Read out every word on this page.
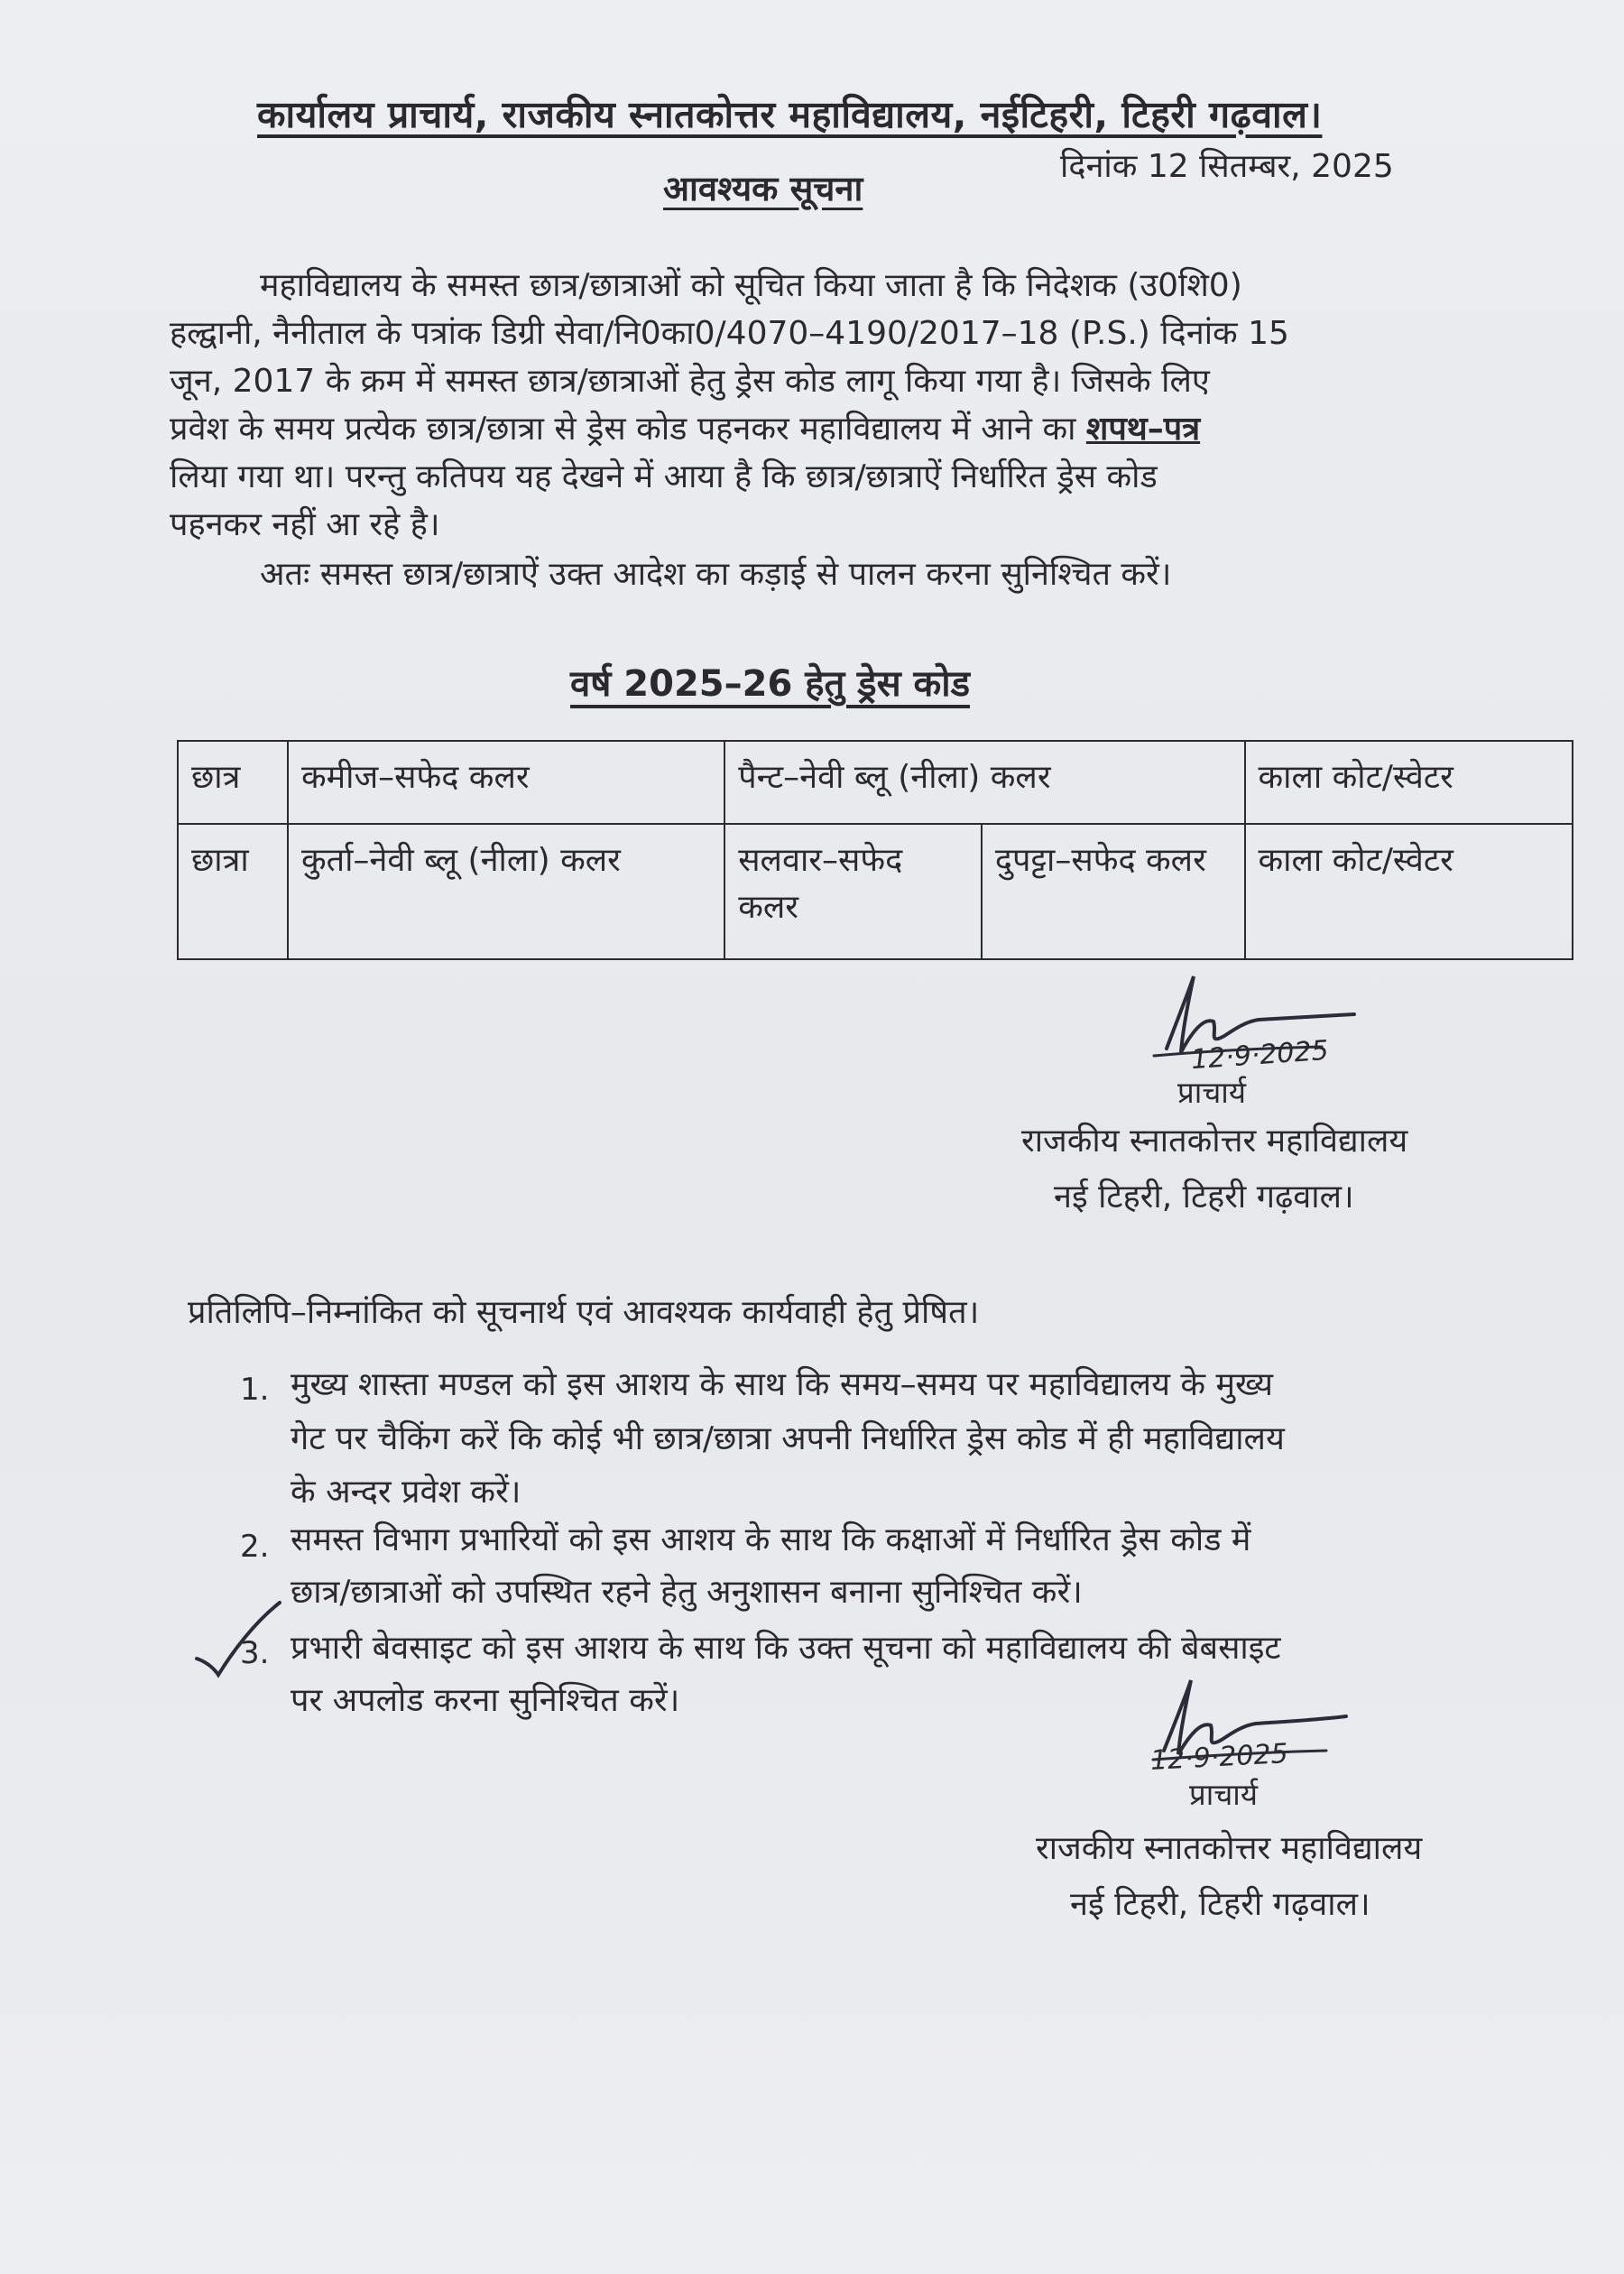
कार्यालय प्राचार्य, राजकीय स्नातकोत्तर महाविद्यालय, नईटिहरी, टिहरी गढ़वाल।
दिनांक 12 सितम्बर, 2025
आवश्यक सूचना
महाविद्यालय के समस्त छात्र/छात्राओं को सूचित किया जाता है कि निदेशक (उ0शि0)
हल्द्वानी, नैनीताल के पत्रांक डिग्री सेवा/नि0का0/4070–4190/2017–18 (P.S.) दिनांक 15
जून, 2017 के क्रम में समस्त छात्र/छात्राओं हेतु ड्रेस कोड लागू किया गया है। जिसके लिए
प्रवेश के समय प्रत्येक छात्र/छात्रा से ड्रेस कोड पहनकर महाविद्यालय में आने का शपथ–पत्र
लिया गया था। परन्तु कतिपय यह देखने में आया है कि छात्र/छात्राऐं निर्धारित ड्रेस कोड
पहनकर नहीं आ रहे है।
अतः समस्त छात्र/छात्राऐं उक्त आदेश का कड़ाई से पालन करना सुनिश्चित करें।
वर्ष 2025–26 हेतु ड्रेस कोड
छात्र	कमीज–सफेद कलर	पैन्ट–नेवी ब्लू (नीला) कलर		काला कोट/स्वेटर
छात्रा	कुर्ता–नेवी ब्लू (नीला) कलर	सलवार–सफेद कलर	दुपट्टा–सफेद कलर	काला कोट/स्वेटर
12·9·2025
प्राचार्य
राजकीय स्नातकोत्तर महाविद्यालय
नई टिहरी, टिहरी गढ़वाल।
प्रतिलिपि–निम्नांकित को सूचनार्थ एवं आवश्यक कार्यवाही हेतु प्रेषित।
1. मुख्य शास्ता मण्डल को इस आशय के साथ कि समय–समय पर महाविद्यालय के मुख्य
गेट पर चैकिंग करें कि कोई भी छात्र/छात्रा अपनी निर्धारित ड्रेस कोड में ही महाविद्यालय
के अन्दर प्रवेश करें।
2. समस्त विभाग प्रभारियों को इस आशय के साथ कि कक्षाओं में निर्धारित ड्रेस कोड में
छात्र/छात्राओं को उपस्थित रहने हेतु अनुशासन बनाना सुनिश्चित करें।
3. प्रभारी बेवसाइट को इस आशय के साथ कि उक्त सूचना को महाविद्यालय की बेबसाइट
पर अपलोड करना सुनिश्चित करें।
12·9·2025
प्राचार्य
राजकीय स्नातकोत्तर महाविद्यालय
नई टिहरी, टिहरी गढ़वाल।
